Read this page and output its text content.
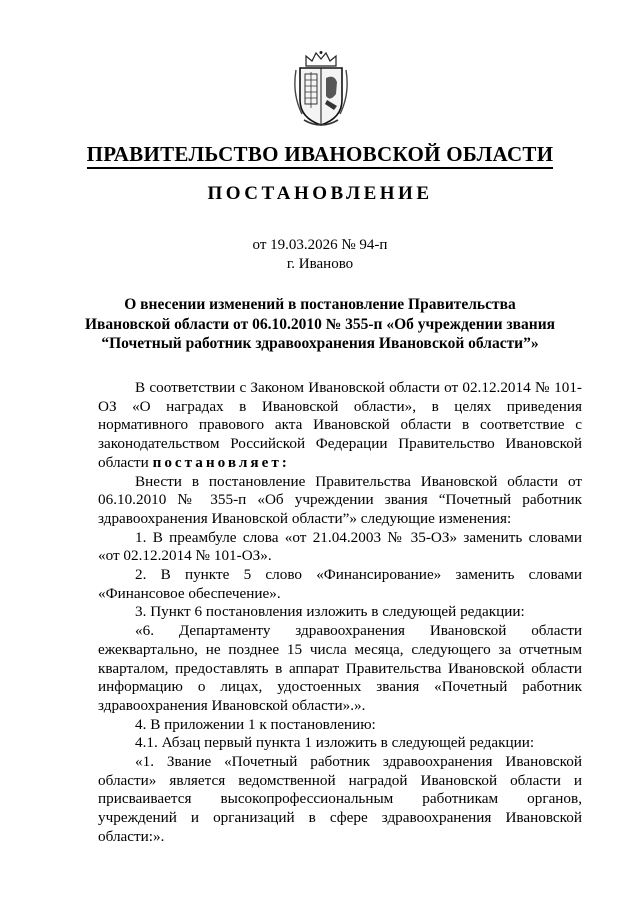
ПРАВИТЕЛЬСТВО ИВАНОВСКОЙ ОБЛАСТИ
ПОСТАНОВЛЕНИЕ
от 19.03.2026 № 94-п
г. Иваново
О внесении изменений в постановление Правительства
Ивановской области от 06.10.2010 № 355-п «Об учреждении звания
“Почетный работник здравоохранения Ивановской области”»

В соответствии с Законом Ивановской области от 02.12.2014 № 101-ОЗ «О наградах в Ивановской области», в целях приведения нормативного правового акта Ивановской области в соответствие с законодательством Российской Федерации Правительство Ивановской области постановляет:

Внести в постановление Правительства Ивановской области от 06.10.2010 № 355-п «Об учреждении звания “Почетный работник здравоохранения Ивановской области”» следующие изменения:

1. В преамбуле слова «от 21.04.2003 № 35-ОЗ» заменить словами «от 02.12.2014 № 101-ОЗ».

2. В пункте 5 слово «Финансирование» заменить словами «Финансовое обеспечение».

3. Пункт 6 постановления изложить в следующей редакции:

«6. Департаменту здравоохранения Ивановской области ежеквартально, не позднее 15 числа месяца, следующего за отчетным кварталом, предоставлять в аппарат Правительства Ивановской области информацию о лицах, удостоенных звания «Почетный работник здравоохранения Ивановской области».».

4. В приложении 1 к постановлению:

4.1. Абзац первый пункта 1 изложить в следующей редакции:

«1. Звание «Почетный работник здравоохранения Ивановской области» является ведомственной наградой Ивановской области и присваивается высокопрофессиональным работникам органов, учреждений и организаций в сфере здравоохранения Ивановской области:».
